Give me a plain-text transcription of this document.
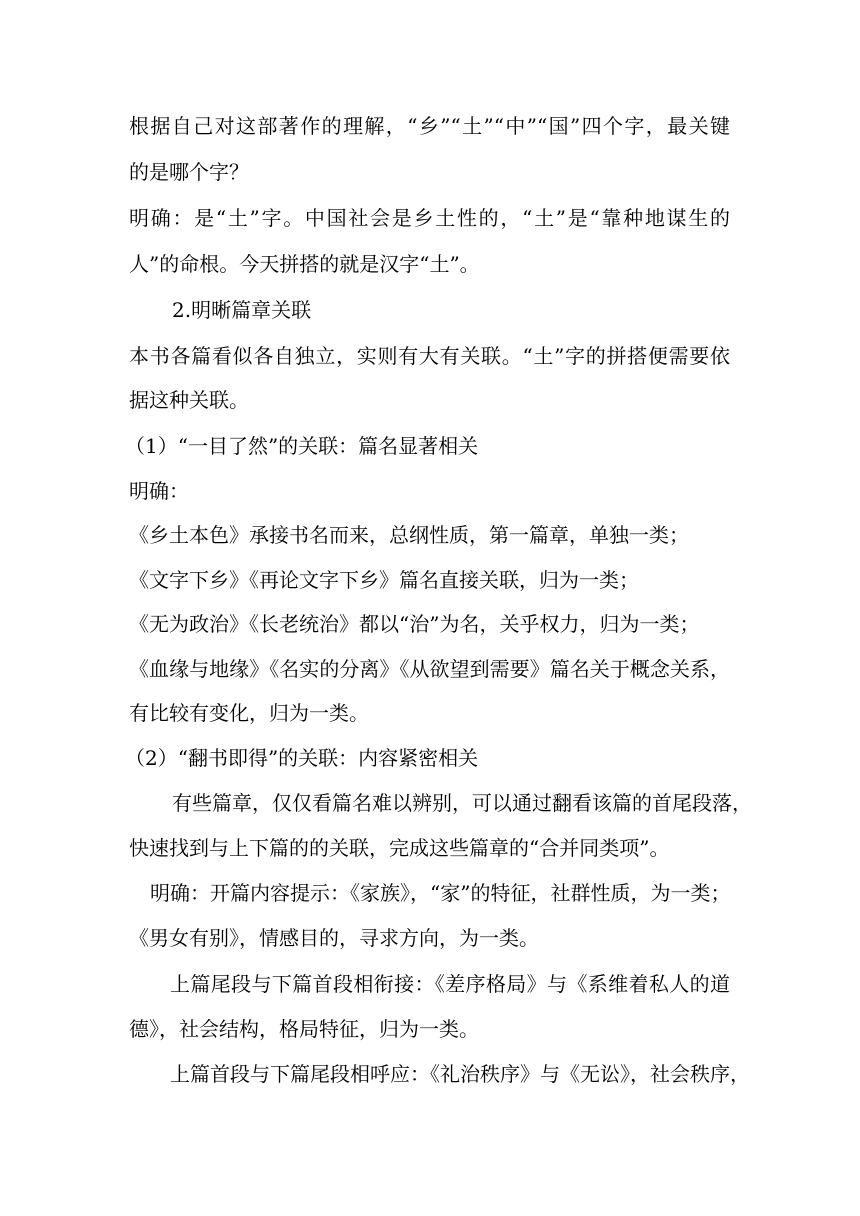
根据自己对这部著作的理解，“乡”“土”“中”“国”四个字，最关键
的是哪个字？
明确：是“土”字。中国社会是乡土性的，“土”是“靠种地谋生的
人”的命根。今天拼搭的就是汉字“土”。
2.明晰篇章关联
本书各篇看似各自独立，实则有大有关联。“土”字的拼搭便需要依
据这种关联。
（1）“一目了然”的关联：篇名显著相关
明确：
《乡土本色》承接书名而来，总纲性质，第一篇章，单独一类；
《文字下乡》《再论文字下乡》篇名直接关联，归为一类；
《无为政治》《长老统治》都以“治”为名，关乎权力，归为一类；
《血缘与地缘》《名实的分离》《从欲望到需要》篇名关于概念关系，
有比较有变化，归为一类。
（2）“翻书即得”的关联：内容紧密相关
有些篇章，仅仅看篇名难以辨别，可以通过翻看该篇的首尾段落，
快速找到与上下篇的的关联，完成这些篇章的“合并同类项”。
明确：开篇内容提示：《家族》，“家”的特征，社群性质，为一类；
《男女有别》，情感目的，寻求方向，为一类。
上篇尾段与下篇首段相衔接：《差序格局》与《系维着私人的道
德》，社会结构，格局特征，归为一类。
上篇首段与下篇尾段相呼应：《礼治秩序》与《无讼》，社会秩序，
